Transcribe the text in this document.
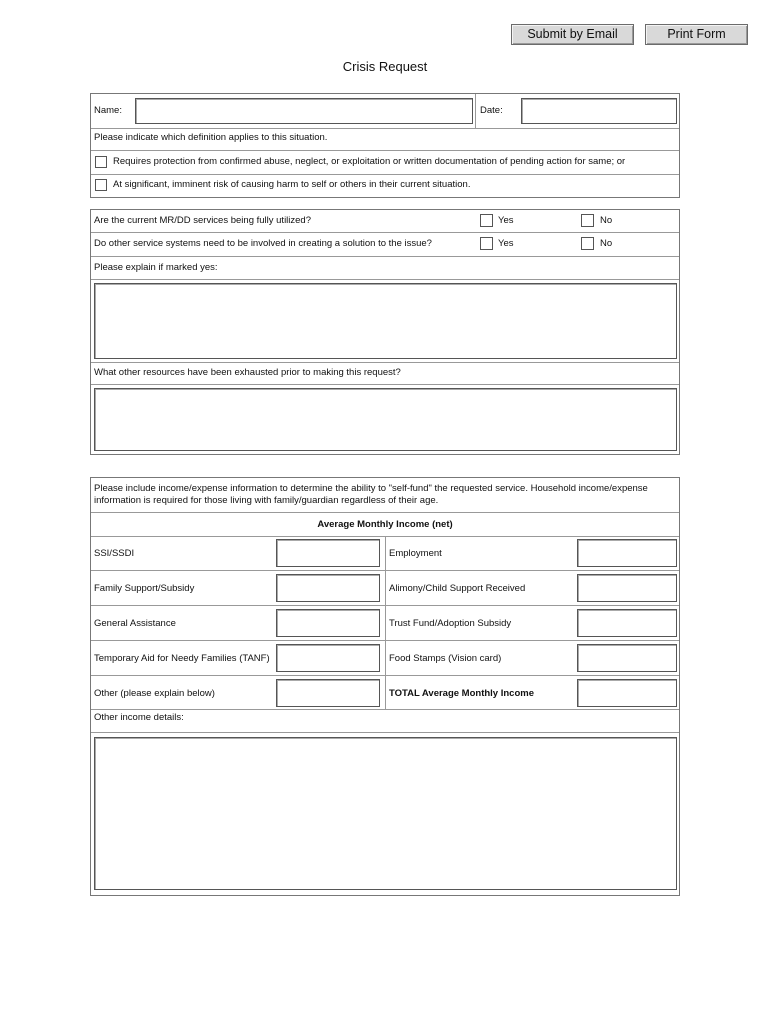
Submit by Email	Print Form
Crisis Request
Name:	Date:
Please indicate which definition applies to this situation.
Requires protection from confirmed abuse, neglect, or exploitation or written documentation of pending action for same; or
At significant, imminent risk of causing harm to self or others in their current situation.
Are the current MR/DD services being fully utilized?	Yes	No
Do other service systems need to be involved in creating a solution to the issue?	Yes	No
Please explain if marked yes:
What other resources have been exhausted prior to making this request?
Please include income/expense information to determine the ability to "self-fund" the requested service. Household income/expense
information is required for those living with family/guardian regardless of their age.
Average Monthly Income (net)
SSI/SSDI	Employment
Family Support/Subsidy	Alimony/Child Support Received
General Assistance	Trust Fund/Adoption Subsidy
Temporary Aid for Needy Families (TANF)	Food Stamps (Vision card)
Other (please explain below)	TOTAL Average Monthly Income
Other income details:
